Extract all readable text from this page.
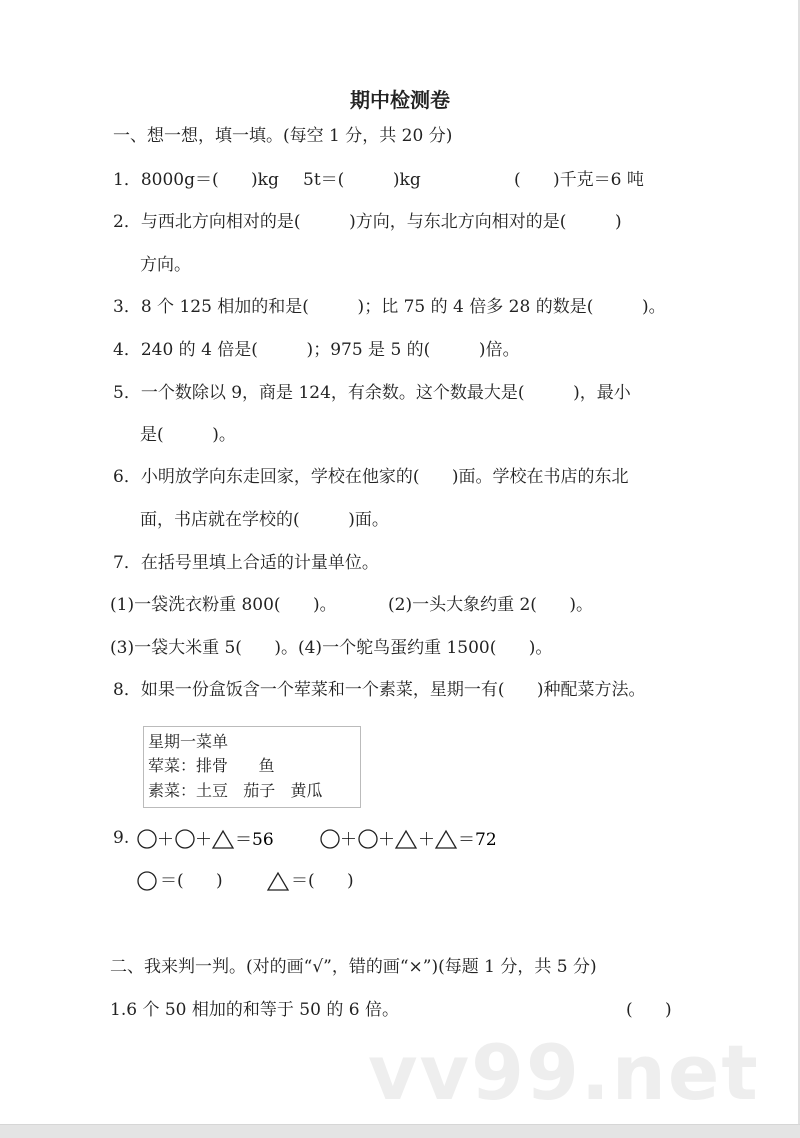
期中检测卷
一、想一想，填一填。(每空 1 分，共 20 分)
1．8000g＝(      )kg 5t＝(         )kg	(      )千克＝6 吨
2．与西北方向相对的是(         )方向，与东北方向相对的是(         )
方向。
3．8 个 125 相加的和是(         )；比 75 的 4 倍多 28 的数是(         )。
4．240 的 4 倍是(         )；975 是 5 的(         )倍。
5．一个数除以 9，商是 124，有余数。这个数最大是(         )，最小
是(         )。
6．小明放学向东走回家，学校在他家的(      )面。学校在书店的东北
面，书店就在学校的(         )面。
7．在括号里填上合适的计量单位。
(1)一袋洗衣粉重 800(      )。	(2)一头大象约重 2(      )。
(3)一袋大米重 5(      )。(4)一个鸵鸟蛋约重 1500(      )。
8．如果一份盒饭含一个荤菜和一个素菜，星期一有(      )种配菜方法。
星期一菜单
荤菜：排骨      鱼
素菜：土豆   茄子   黄瓜
9. ＋ ＋ ＝56	＋ ＋ ＋ ＝72
＝(      )	＝(      )
二、我来判一判。(对的画“√”，错的画“×”)(每题 1 分，共 5 分)
1.6 个 50 相加的和等于 50 的 6 倍。	(      )
vv99.net
